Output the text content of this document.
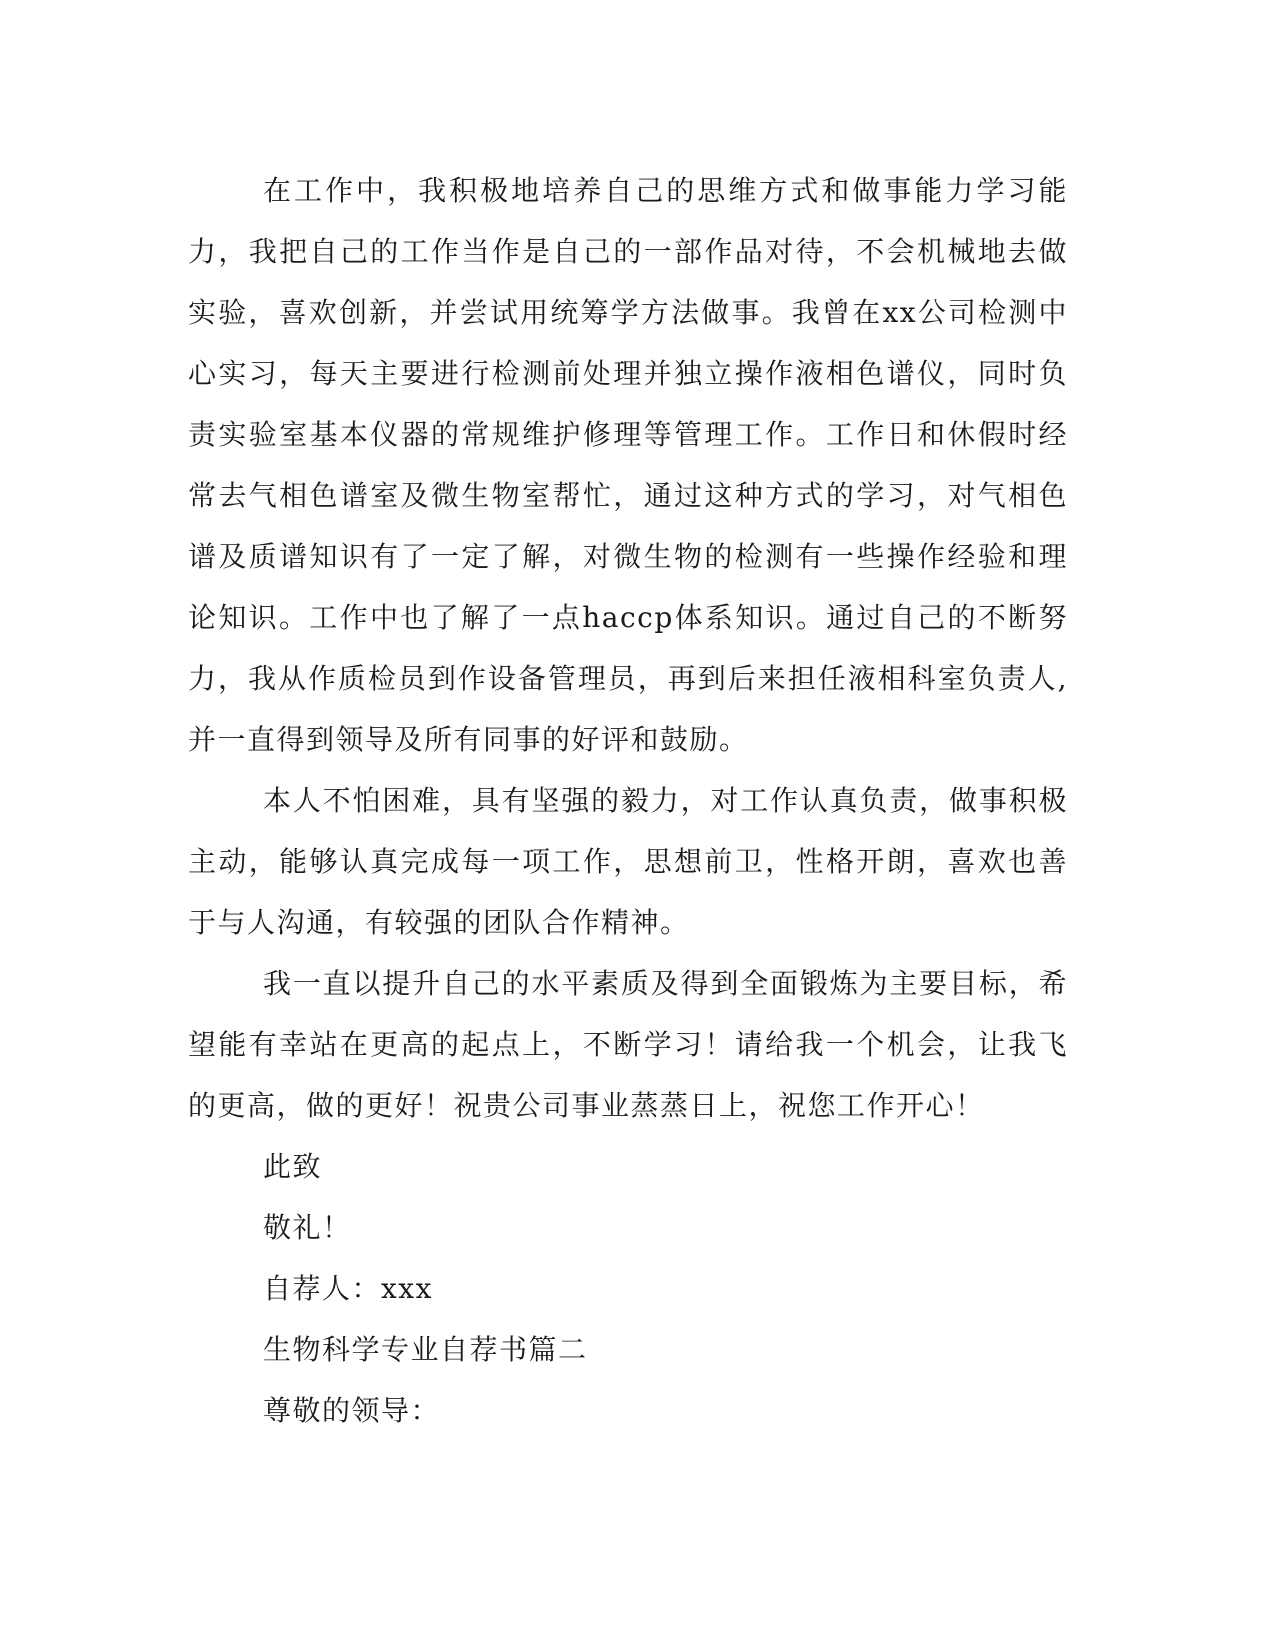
在工作中，我积极地培养自己的思维方式和做事能力学习能力，我把自己的工作当作是自己的一部作品对待，不会机械地去做实验，喜欢创新，并尝试用统筹学方法做事。我曾在xx公司检测中心实习，每天主要进行检测前处理并独立操作液相色谱仪，同时负责实验室基本仪器的常规维护修理等管理工作。工作日和休假时经常去气相色谱室及微生物室帮忙，通过这种方式的学习，对气相色谱及质谱知识有了一定了解，对微生物的检测有一些操作经验和理论知识。工作中也了解了一点haccp体系知识。通过自己的不断努力，我从作质检员到作设备管理员，再到后来担任液相科室负责人,并一直得到领导及所有同事的好评和鼓励。

本人不怕困难，具有坚强的毅力，对工作认真负责，做事积极主动，能够认真完成每一项工作，思想前卫，性格开朗，喜欢也善于与人沟通，有较强的团队合作精神。

我一直以提升自己的水平素质及得到全面锻炼为主要目标，希望能有幸站在更高的起点上，不断学习！请给我一个机会，让我飞的更高，做的更好！祝贵公司事业蒸蒸日上，祝您工作开心！

此致

敬礼！

自荐人：xxx

生物科学专业自荐书篇二

尊敬的领导：
